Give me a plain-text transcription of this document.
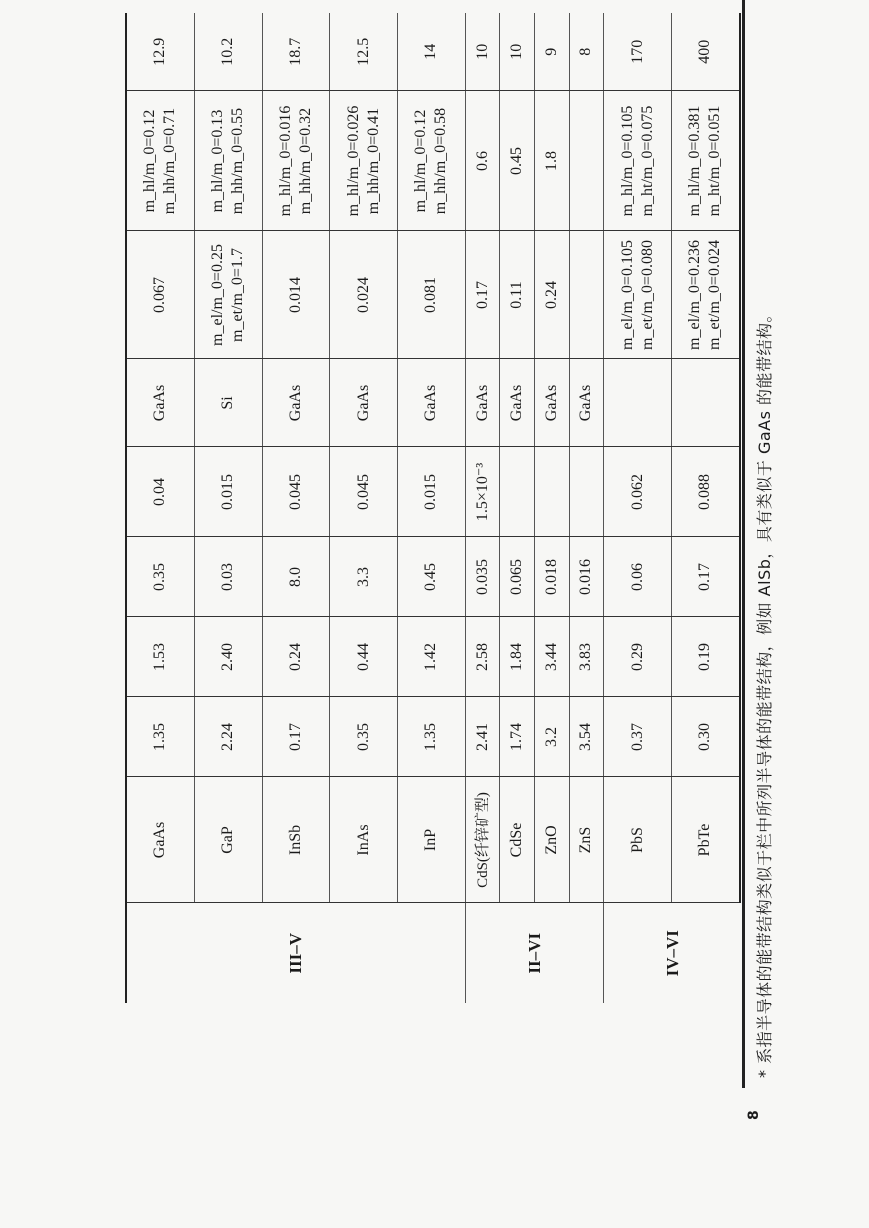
III–V	GaAs	1.35	1.53	0.35	0.04	GaAs	0.067	m_hl/m_0=0.12 m_hh/m_0=0.71	12.9
	GaP	2.24	2.40	0.03	0.015	Si	m_el/m_0=0.25 m_et/m_0=1.7	m_hl/m_0=0.13 m_hh/m_0=0.55	10.2
	InSb	0.17	0.24	8.0	0.045	GaAs	0.014	m_hl/m_0=0.016 m_hh/m_0=0.32	18.7
	InAs	0.35	0.44	3.3	0.045	GaAs	0.024	m_hl/m_0=0.026 m_hh/m_0=0.41	12.5
	InP	1.35	1.42	0.45	0.015	GaAs	0.081	m_hl/m_0=0.12 m_hh/m_0=0.58	14
II–VI	CdS(纤锌矿型)	2.41	2.58	0.035	1.5×10⁻³	GaAs	0.17	0.6	10
	CdSe	1.74	1.84	0.065		GaAs	0.11	0.45	10
	ZnO	3.2	3.44	0.018		GaAs	0.24	1.8	9
	ZnS	3.54	3.83	0.016		GaAs			8
IV–VI	PbS	0.37	0.29	0.06	0.062		m_el/m_0=0.105 m_et/m_0=0.080	m_hl/m_0=0.105 m_ht/m_0=0.075	170
	PbTe	0.30	0.19	0.17	0.088		m_el/m_0=0.236 m_et/m_0=0.024	m_hl/m_0=0.381 m_ht/m_0=0.051	400
8
* 系指半导体的能带结构类似于栏中所列半导体的能带结构，例如 AlSb，具有类似于 GaAs 的能带结构。
